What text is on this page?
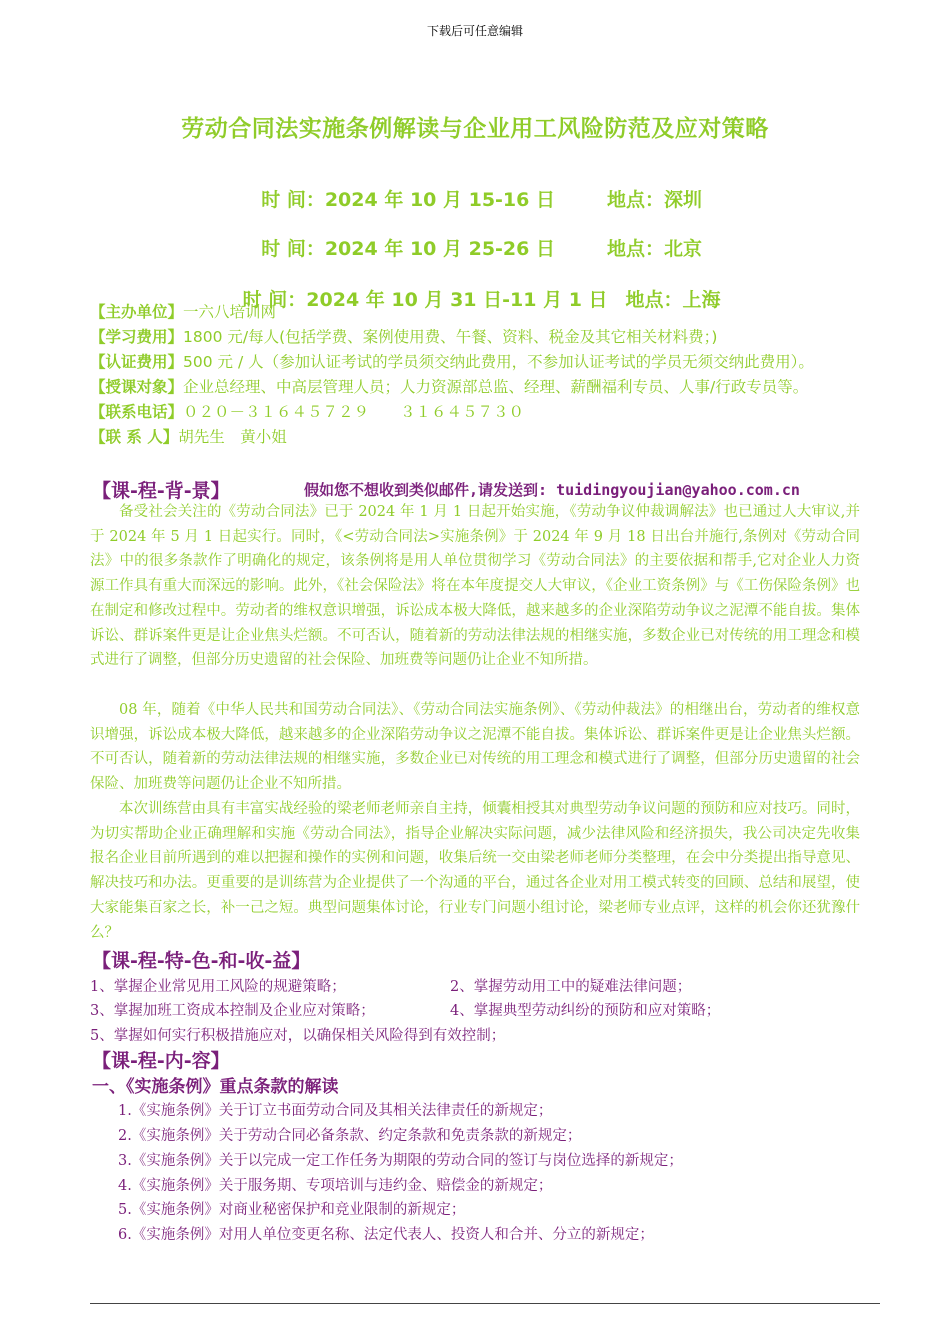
下载后可任意编辑
劳动合同法实施条例解读与企业用工风险防范及应对策略

时 间：2024 年 10 月 15-16 日	地点：深圳

时 间：2024 年 10 月 25-26 日	地点：北京

时 间：2024 年 10 月 31 日-11 月 1 日 地点：上海

【主办单位】一六八培训网
【学习费用】1800 元/每人(包括学费、案例使用费、午餐、资料、税金及其它相关材料费；)
【认证费用】500 元 / 人（参加认证考试的学员须交纳此费用，不参加认证考试的学员无须交纳此费用）。
【授课对象】企业总经理、中高层管理人员；人力资源部总监、经理、薪酬福利专员、人事/行政专员等。
【联系电话】０２０－３１６４５７２９　　３１６４５７３０
【联 系 人】胡先生　黄小姐
【课-程-背-景】	假如您不想收到类似邮件,请发送到: tuidingyoujian@yahoo.com.cn
备受社会关注的《劳动合同法》已于 2024 年 1 月 1 日起开始实施，《劳动争议仲裁调解法》也已通过人大审议,并于 2024 年 5 月 1 日起实行。同时，《<劳动合同法>实施条例》于 2024 年 9 月 18 日出台并施行,条例对《劳动合同法》中的很多条款作了明确化的规定，该条例将是用人单位贯彻学习《劳动合同法》的主要依据和帮手,它对企业人力资源工作具有重大而深远的影响。此外，《社会保险法》将在本年度提交人大审议，《企业工资条例》与《工伤保险条例》也在制定和修改过程中。劳动者的维权意识增强，诉讼成本极大降低，越来越多的企业深陷劳动争议之泥潭不能自拔。集体诉讼、群诉案件更是让企业焦头烂额。不可否认，随着新的劳动法律法规的相继实施，多数企业已对传统的用工理念和模式进行了调整，但部分历史遗留的社会保险、加班费等问题仍让企业不知所措。
08 年，随着《中华人民共和国劳动合同法》、《劳动合同法实施条例》、《劳动仲裁法》的相继出台，劳动者的维权意识增强，诉讼成本极大降低，越来越多的企业深陷劳动争议之泥潭不能自拔。集体诉讼、群诉案件更是让企业焦头烂额。不可否认，随着新的劳动法律法规的相继实施，多数企业已对传统的用工理念和模式进行了调整，但部分历史遗留的社会保险、加班费等问题仍让企业不知所措。
本次训练营由具有丰富实战经验的梁老师老师亲自主持，倾囊相授其对典型劳动争议问题的预防和应对技巧。同时，为切实帮助企业正确理解和实施《劳动合同法》，指导企业解决实际问题，减少法律风险和经济损失，我公司决定先收集报名企业目前所遇到的难以把握和操作的实例和问题，收集后统一交由梁老师老师分类整理，在会中分类提出指导意见、解决技巧和办法。更重要的是训练营为企业提供了一个沟通的平台，通过各企业对用工模式转变的回顾、总结和展望，使大家能集百家之长，补一己之短。典型问题集体讨论，行业专门问题小组讨论，梁老师专业点评，这样的机会你还犹豫什么？
【课-程-特-色-和-收-益】
1、掌握企业常见用工风险的规避策略；	2、掌握劳动用工中的疑难法律问题；
3、掌握加班工资成本控制及企业应对策略；	4、掌握典型劳动纠纷的预防和应对策略；
5、掌握如何实行积极措施应对，以确保相关风险得到有效控制；
【课-程-内-容】
一、《实施条例》重点条款的解读
1.《实施条例》关于订立书面劳动合同及其相关法律责任的新规定；
2.《实施条例》关于劳动合同必备条款、约定条款和免责条款的新规定；
3.《实施条例》关于以完成一定工作任务为期限的劳动合同的签订与岗位选择的新规定；
4.《实施条例》关于服务期、专项培训与违约金、赔偿金的新规定；
5.《实施条例》对商业秘密保护和竞业限制的新规定；
6.《实施条例》对用人单位变更名称、法定代表人、投资人和合并、分立的新规定；
